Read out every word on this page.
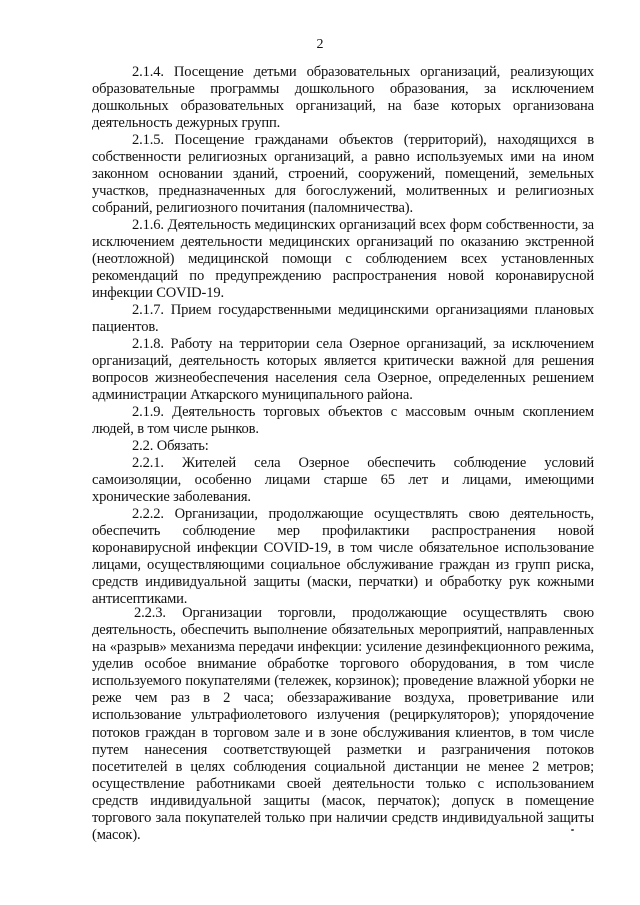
2

2.1.4. Посещение детьми образовательных организаций, реализующих образовательные программы дошкольного образования, за исключением дошкольных образовательных организаций, на базе которых организована деятельность дежурных групп.

2.1.5. Посещение гражданами объектов (территорий), находящихся в собственности религиозных организаций, а равно используемых ими на ином законном основании зданий, строений, сооружений, помещений, земельных участков, предназначенных для богослужений, молитвенных и религиозных собраний, религиозного почитания (паломничества).

2.1.6. Деятельность медицинских организаций всех форм собственности, за исключением деятельности медицинских организаций по оказанию экстренной (неотложной) медицинской помощи с соблюдением всех установленных рекомендаций по предупреждению распространения новой коронавирусной инфекции COVID-19.

2.1.7. Прием государственными медицинскими организациями плановых пациентов.

2.1.8. Работу на территории села Озерное организаций, за исключением организаций, деятельность которых является критически важной для решения вопросов жизнеобеспечения населения села Озерное, определенных решением администрации Аткарского муниципального района.

2.1.9. Деятельность торговых объектов с массовым очным скоплением людей, в том числе рынков.

2.2. Обязать:

2.2.1. Жителей села Озерное обеспечить соблюдение условий самоизоляции, особенно лицами старше 65 лет и лицами, имеющими хронические заболевания.

2.2.2. Организации, продолжающие осуществлять свою деятельность, обеспечить соблюдение мер профилактики распространения новой коронавирусной инфекции COVID-19, в том числе обязательное использование лицами, осуществляющими социальное обслуживание граждан из групп риска, средств индивидуальной защиты (маски, перчатки) и обработку рук кожными антисептиками.

2.2.3. Организации торговли, продолжающие осуществлять свою деятельность, обеспечить выполнение обязательных мероприятий, направленных на «разрыв» механизма передачи инфекции: усиление дезинфекционного режима, уделив особое внимание обработке торгового оборудования, в том числе используемого покупателями (тележек, корзинок); проведение влажной уборки не реже чем раз в 2 часа; обеззараживание воздуха, проветривание или использование ультрафиолетового излучения (рециркуляторов); упорядочение потоков граждан в торговом зале и в зоне обслуживания клиентов, в том числе путем нанесения соответствующей разметки и разграничения потоков посетителей в целях соблюдения социальной дистанции не менее 2 метров; осуществление работниками своей деятельности только с использованием средств индивидуальной защиты (масок, перчаток); допуск в помещение торгового зала покупателей только при наличии средств индивидуальной защиты (масок).
